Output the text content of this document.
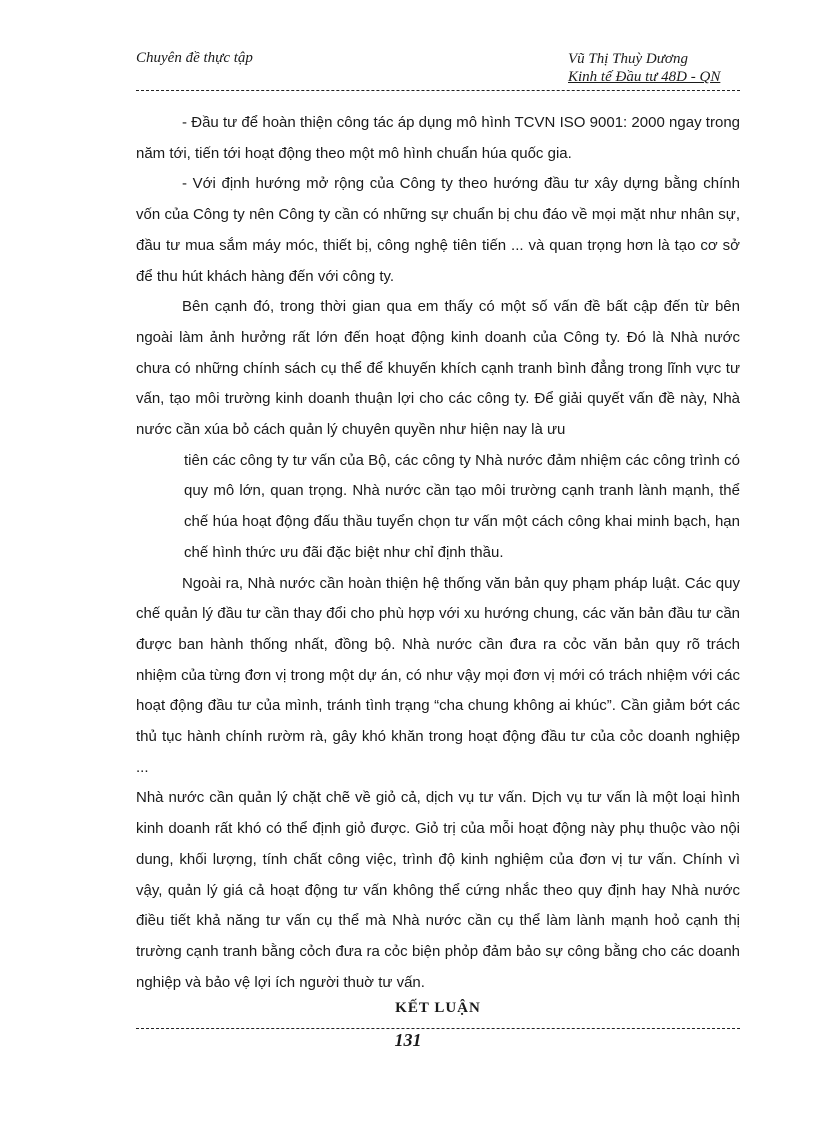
Chuyên đề thực tập	Vũ Thị Thuỳ Dương
Kinh tế Đầu tư 48D - QN

- Đầu tư để hoàn thiện công tác áp dụng mô hình TCVN ISO 9001: 2000 ngay trong năm tới, tiến tới hoạt động theo một mô hình chuẩn húa quốc gia.

- Với định hướng mở rộng của Công ty theo hướng đầu tư xây dựng bằng chính vốn của Công ty nên Công ty cần có những sự chuẩn bị chu đáo về mọi mặt như nhân sự, đầu tư mua sắm máy móc, thiết bị, công nghệ tiên tiến ... và quan trọng hơn là tạo cơ sở để thu hút khách hàng đến với công ty.

Bên cạnh đó, trong thời gian qua em thấy có một số vấn đề bất cập đến từ bên ngoài làm ảnh hưởng rất lớn đến hoạt động kinh doanh của Công ty. Đó là Nhà nước chưa có những chính sách cụ thể để khuyến khích cạnh tranh bình đẳng trong lĩnh vực tư vấn, tạo môi trường kinh doanh thuận lợi cho các công ty. Để giải quyết vấn đề này, Nhà nước cần xúa bỏ cách quản lý chuyên quyền như hiện nay là ưu

tiên các công ty tư vấn của Bộ, các công ty Nhà nước đảm nhiệm các công trình có quy mô lớn, quan trọng. Nhà nước cần tạo môi trường cạnh tranh lành mạnh, thể chế húa hoạt động đấu thầu tuyển chọn tư vấn một cách công khai minh bạch, hạn chế hình thức ưu đãi đặc biệt như chỉ định thầu.

Ngoài ra, Nhà nước cần hoàn thiện hệ thống văn bản quy phạm pháp luật. Các quy chế quản lý đầu tư cần thay đổi cho phù hợp với xu hướng chung, các văn bản đầu tư cần được ban hành thống nhất, đồng bộ. Nhà nước cần đưa ra cỏc văn bản quy rõ trách nhiệm của từng đơn vị trong một dự án, có như vậy mọi đơn vị mới có trách nhiệm với các hoạt động đầu tư của mình, tránh tình trạng “cha chung không ai khúc”. Cần giảm bớt các thủ tục hành chính rườm rà, gây khó khăn trong hoạt động đầu tư của cỏc doanh nghiệp ...

Nhà nước cần quản lý chặt chẽ về giỏ cả, dịch vụ tư vấn. Dịch vụ tư vấn là một loại hình kinh doanh rất khó có thể định giỏ được. Giỏ trị của mỗi hoạt động này phụ thuộc vào nội dung, khối lượng, tính chất công việc, trình độ kinh nghiệm của đơn vị tư vấn. Chính vì vậy, quản lý giá cả hoạt động tư vấn không thể cứng nhắc theo quy định hay Nhà nước điều tiết khả năng tư vấn cụ thể mà Nhà nước cần cụ thể làm lành mạnh hoỏ cạnh thị trường cạnh tranh bằng cỏch đưa ra cỏc biện phỏp đảm bảo sự công bằng cho các doanh nghiệp và bảo vệ lợi ích người thuờ tư vấn.

KẾT LUẬN
131
